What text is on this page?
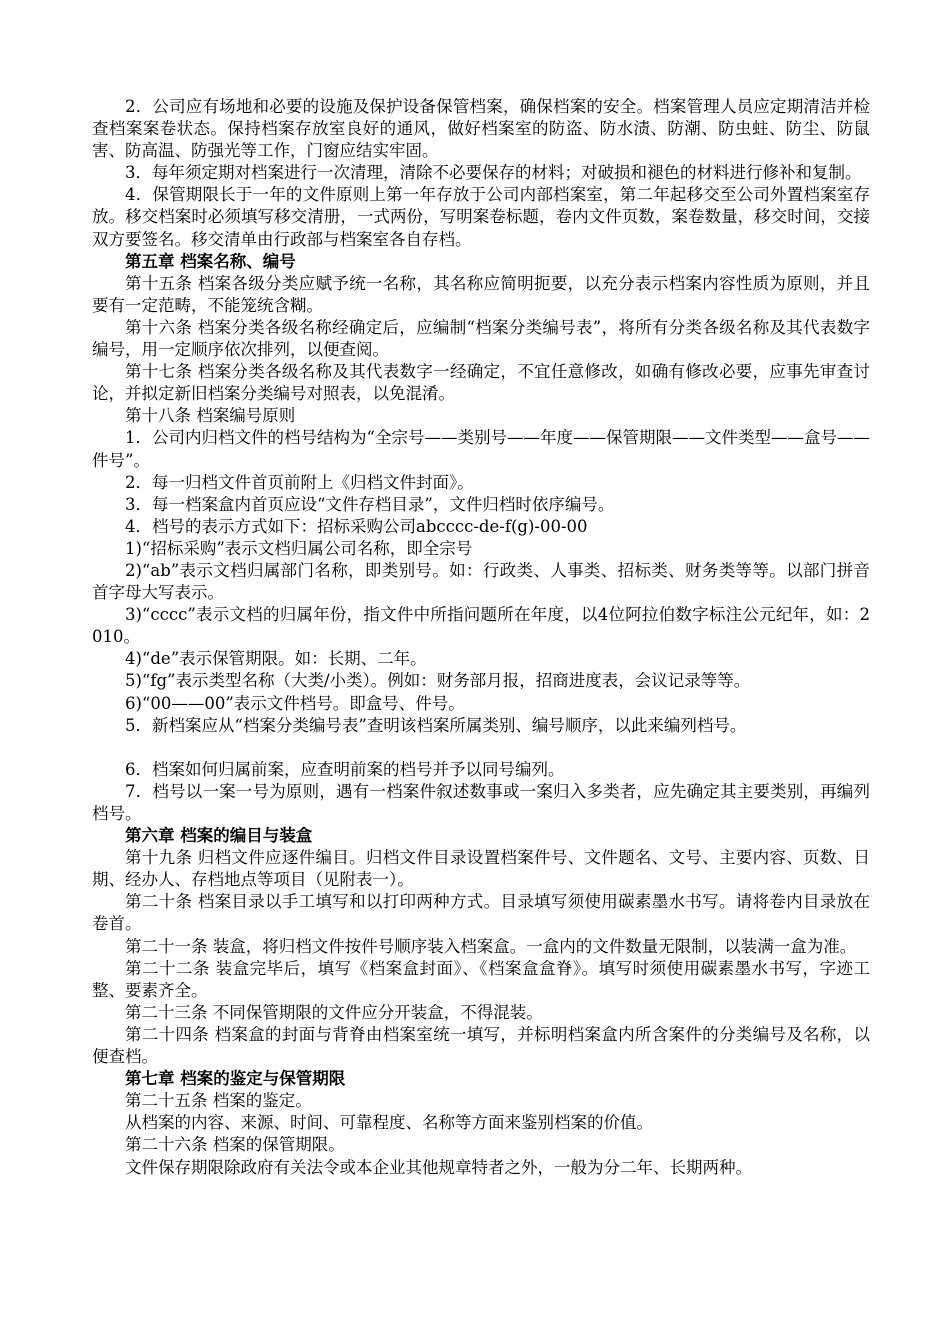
2．公司应有场地和必要的设施及保护设备保管档案，确保档案的安全。档案管理人员应定期清洁并检查档案案卷状态。保持档案存放室良好的通风，做好档案室的防盗、防水渍、防潮、防虫蛀、防尘、防鼠害、防高温、防强光等工作，门窗应结实牢固。

3．每年须定期对档案进行一次清理，清除不必要保存的材料；对破损和褪色的材料进行修补和复制。

4．保管期限长于一年的文件原则上第一年存放于公司内部档案室，第二年起移交至公司外置档案室存放。移交档案时必须填写移交清册，一式两份，写明案卷标题，卷内文件页数，案卷数量，移交时间，交接双方要签名。移交清单由行政部与档案室各自存档。

第五章 档案名称、编号

第十五条 档案各级分类应赋予统一名称，其名称应简明扼要，以充分表示档案内容性质为原则，并且要有一定范畴，不能笼统含糊。

第十六条 档案分类各级名称经确定后，应编制“档案分类编号表”，将所有分类各级名称及其代表数字编号，用一定顺序依次排列，以便查阅。

第十七条 档案分类各级名称及其代表数字一经确定，不宜任意修改，如确有修改必要，应事先审查讨论，并拟定新旧档案分类编号对照表，以免混淆。

第十八条 档案编号原则

1．公司内归档文件的档号结构为“全宗号——类别号——年度——保管期限——文件类型——盒号——件号”。

2．每一归档文件首页前附上《归档文件封面》。

3．每一档案盒内首页应设“文件存档目录”，文件归档时依序编号。

4．档号的表示方式如下：招标采购公司abcccc-de-f(g)-00-00

1)“招标采购”表示文档归属公司名称，即全宗号

2)“ab”表示文档归属部门名称，即类别号。如：行政类、人事类、招标类、财务类等等。以部门拼音首字母大写表示。

3)“cccc”表示文档的归属年份，指文件中所指问题所在年度，以4位阿拉伯数字标注公元纪年，如：2010。

4)“de”表示保管期限。如：长期、二年。

5)“fg”表示类型名称（大类/小类）。例如：财务部月报，招商进度表，会议记录等等。

6)“00——00”表示文件档号。即盒号、件号。

5．新档案应从“档案分类编号表”查明该档案所属类别、编号顺序，以此来编列档号。

6．档案如何归属前案，应查明前案的档号并予以同号编列。

7．档号以一案一号为原则，遇有一档案件叙述数事或一案归入多类者，应先确定其主要类别，再编列档号。

第六章 档案的编目与装盒

第十九条 归档文件应逐件编目。归档文件目录设置档案件号、文件题名、文号、主要内容、页数、日期、经办人、存档地点等项目（见附表一）。

第二十条 档案目录以手工填写和以打印两种方式。目录填写须使用碳素墨水书写。请将卷内目录放在卷首。

第二十一条 装盒，将归档文件按件号顺序装入档案盒。一盒内的文件数量无限制，以装满一盒为准。

第二十二条 装盒完毕后，填写《档案盒封面》、《档案盒盒脊》。填写时须使用碳素墨水书写，字迹工整、要素齐全。

第二十三条 不同保管期限的文件应分开装盒，不得混装。

第二十四条 档案盒的封面与背脊由档案室统一填写，并标明档案盒内所含案件的分类编号及名称，以便查档。

第七章 档案的鉴定与保管期限

第二十五条 档案的鉴定。

从档案的内容、来源、时间、可靠程度、名称等方面来鉴别档案的价值。

第二十六条 档案的保管期限。

文件保存期限除政府有关法令或本企业其他规章特者之外，一般为分二年、长期两种。
